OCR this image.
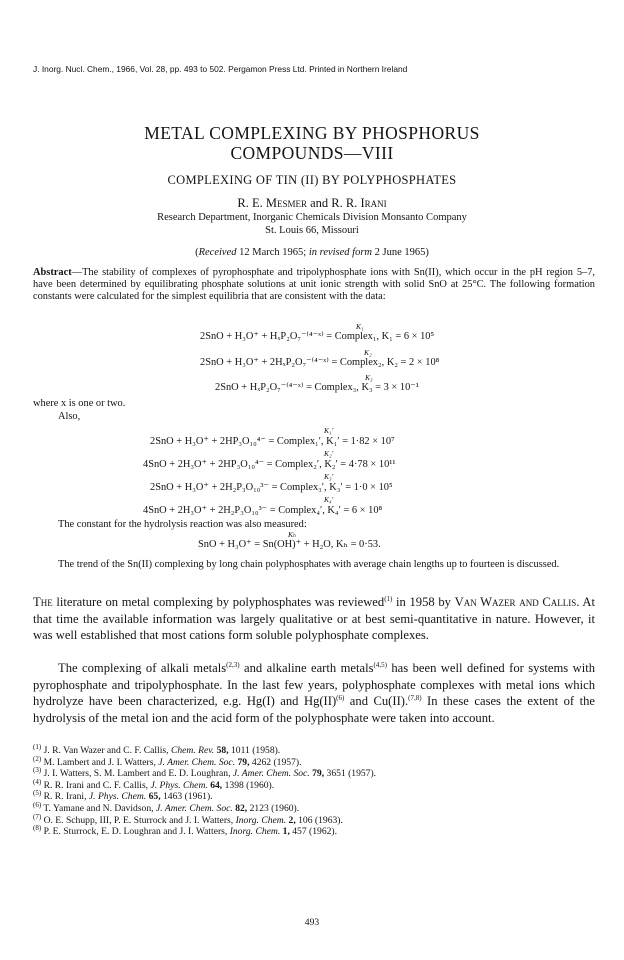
J. Inorg. Nucl. Chem., 1966, Vol. 28, pp. 493 to 502. Pergamon Press Ltd. Printed in Northern Ireland
METAL COMPLEXING BY PHOSPHORUS
COMPOUNDS—VIII
COMPLEXING OF TIN (II) BY POLYPHOSPHATES
R. E. Mesmer and R. R. Irani
Research Department, Inorganic Chemicals Division Monsanto Company
St. Louis 66, Missouri
(Received 12 March 1965; in revised form 2 June 1965)
Abstract—The stability of complexes of pyrophosphate and tripolyphosphate ions with Sn(II), which occur in the pH region 5–7, have been determined by equilibrating phosphate solutions at unit ionic strength with solid SnO at 25°C. The following formation constants were calculated for the simplest equilibria that are consistent with the data:
K₁
2SnO + H₃O⁺ + HₓP₂O₇⁻⁽⁴⁻ˣ⁾ = Complex₁, K₁ = 6 × 10⁵
K₂
2SnO + H₃O⁺ + 2HₓP₂O₇⁻⁽⁴⁻ˣ⁾ = Complex₂, K₂ = 2 × 10⁸
K₃
2SnO + HₓP₂O₇⁻⁽⁴⁻ˣ⁾ = Complex₃, K₃ = 3 × 10⁻¹
where x is one or two.
Also,
K₁′
2SnO + H₃O⁺ + 2HP₃O₁₀⁴⁻ = Complex₁′, K₁′ = 1·82 × 10⁷
K₂′
4SnO + 2H₃O⁺ + 2HP₃O₁₀⁴⁻ = Complex₂′, K₂′ = 4·78 × 10¹¹
K₃′
2SnO + H₃O⁺ + 2H₂P₃O₁₀³⁻ = Complex₃′, K₃′ = 1·0 × 10⁵
K₄′
4SnO + 2H₃O⁺ + 2H₂P₃O₁₀³⁻ = Complex₄′, K₄′ = 6 × 10⁸
The constant for the hydrolysis reaction was also measured:
Kₕ
SnO + H₃O⁺ = Sn(OH)⁺ + H₂O, Kₕ = 0·53.
The trend of the Sn(II) complexing by long chain polyphosphates with average chain lengths up to fourteen is discussed.
The literature on metal complexing by polyphosphates was reviewed$^{(1)}$ in 1958 by Van Wazer and Callis. At that time the available information was largely qualitative or at best semi-quantitative in nature. However, it was well established that most cations form soluble polyphosphate complexes.
The complexing of alkali metals$^{(2,3)}$ and alkaline earth metals$^{(4,5)}$ has been well defined for systems with pyrophosphate and tripolyphosphate. In the last few years, polyphosphate complexes with metal ions which hydrolyze have been characterized, e.g. Hg(I) and Hg(II)$^{(6)}$ and Cu(II).$^{(7,8)}$ In these cases the extent of the hydrolysis of the metal ion and the acid form of the polyphosphate were taken into account.
$^{(1)}$ J. R. Van Wazer and C. F. Callis, Chem. Rev. 58, 1011 (1958).
$^{(2)}$ M. Lambert and J. I. Watters, J. Amer. Chem. Soc. 79, 4262 (1957).
$^{(3)}$ J. I. Watters, S. M. Lambert and E. D. Loughran, J. Amer. Chem. Soc. 79, 3651 (1957).
$^{(4)}$ R. R. Irani and C. F. Callis, J. Phys. Chem. 64, 1398 (1960).
$^{(5)}$ R. R. Irani, J. Phys. Chem. 65, 1463 (1961).
$^{(6)}$ T. Yamane and N. Davidson, J. Amer. Chem. Soc. 82, 2123 (1960).
$^{(7)}$ O. E. Schupp, III, P. E. Sturrock and J. I. Watters, Inorg. Chem. 2, 106 (1963).
$^{(8)}$ P. E. Sturrock, E. D. Loughran and J. I. Watters, Inorg. Chem. 1, 457 (1962).
493
